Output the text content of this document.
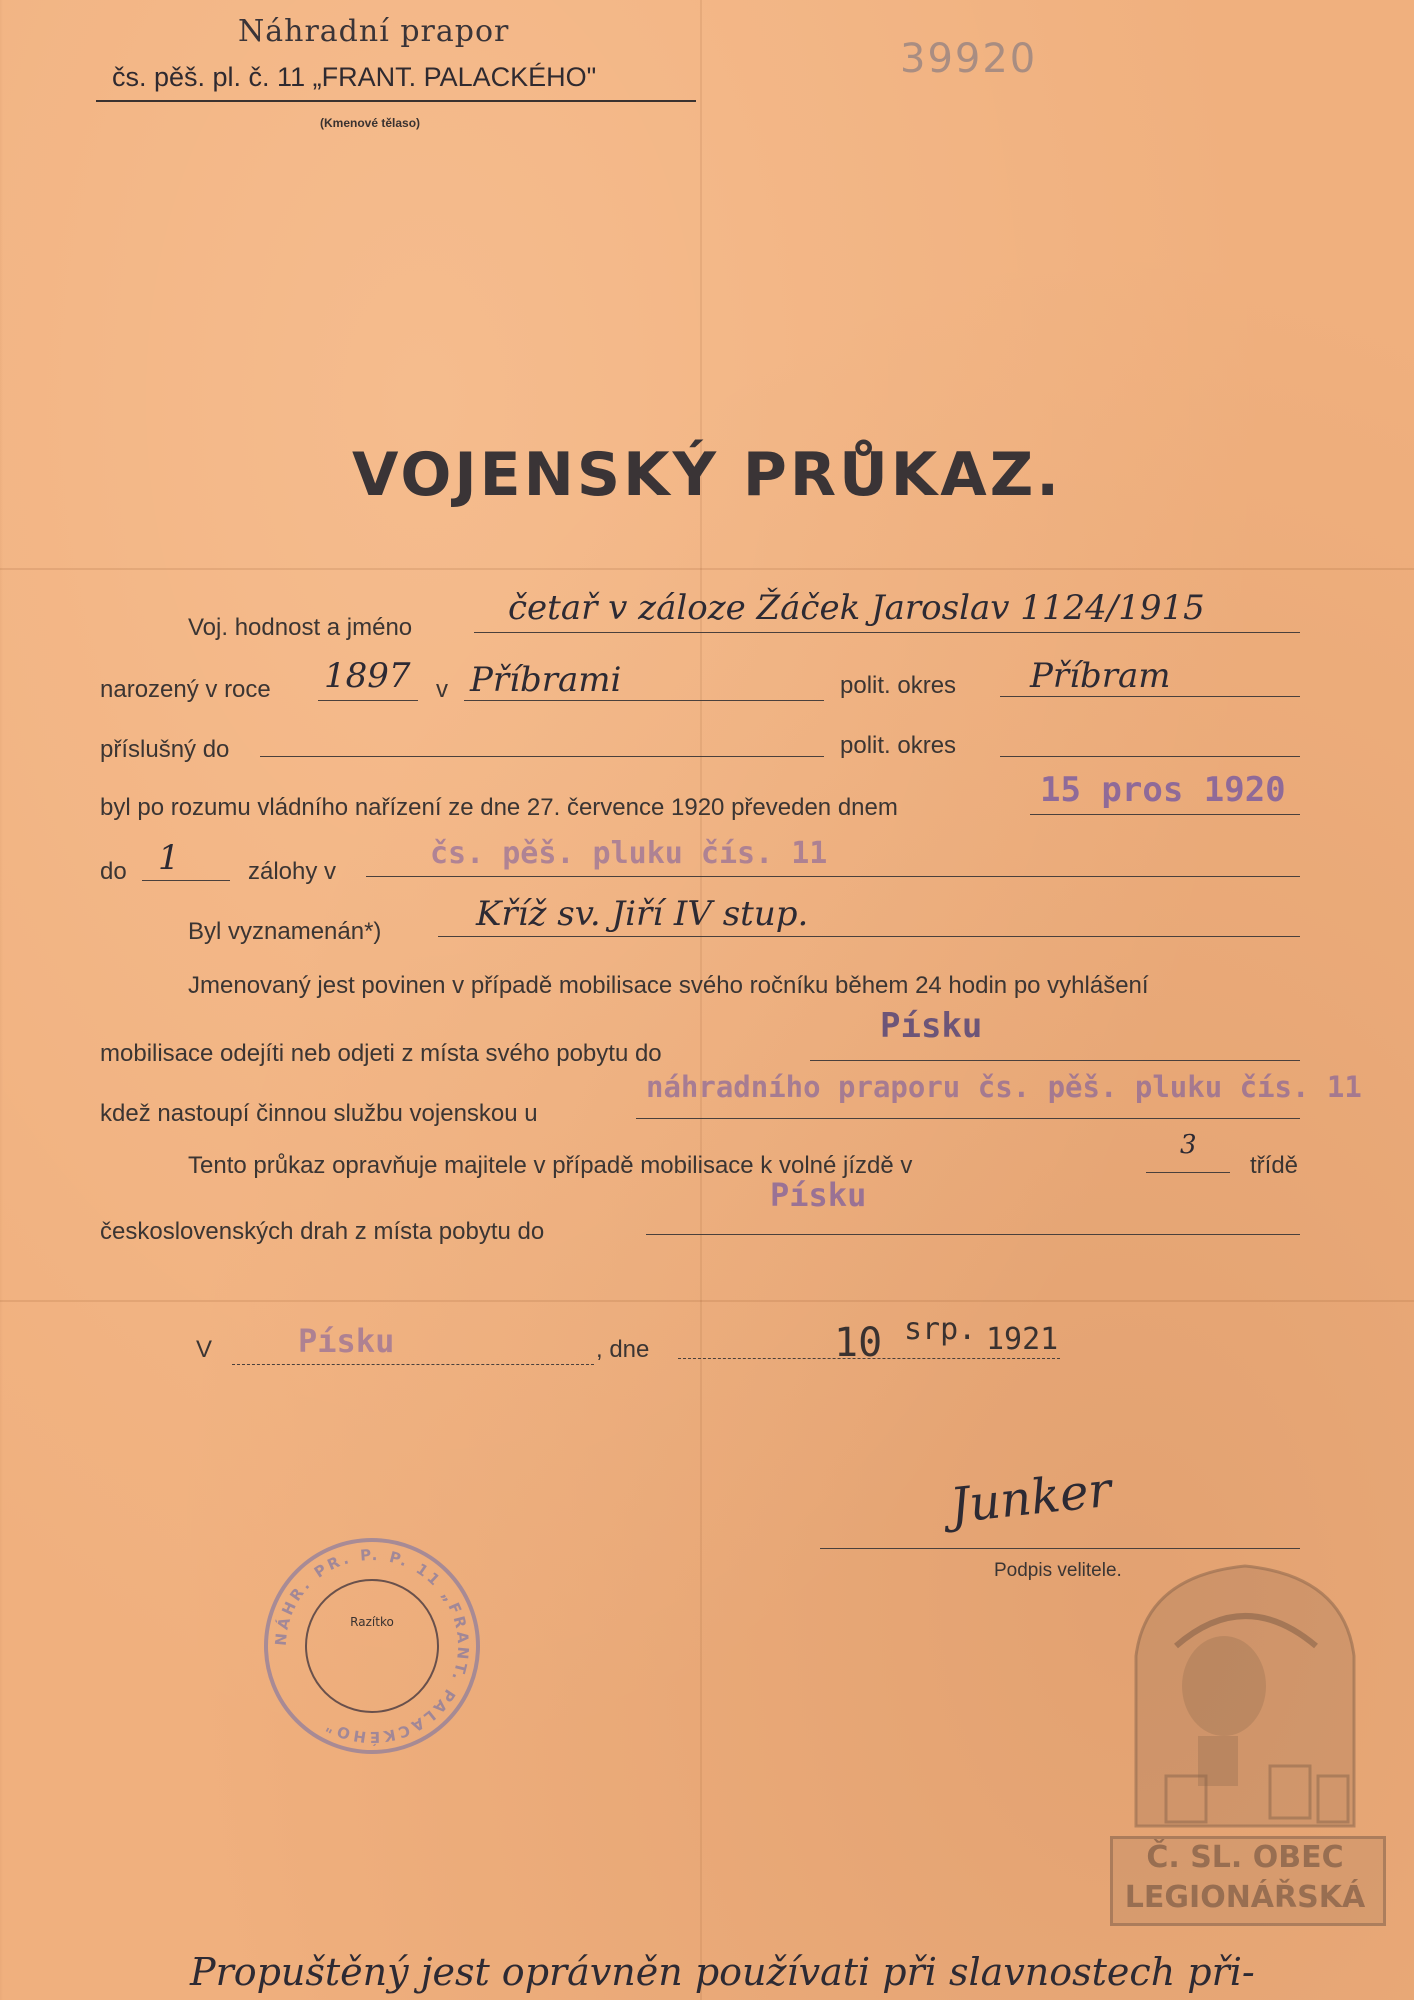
Náhradní prapor
čs. pěš. pl. č. 11 „FRANT. PALACKÉHO"
(Kmenové tělaso)
39920
VOJENSKÝ PRŮKAZ.
Voj. hodnost a jméno	četař v záloze Žáček Jaroslav 1124/1915
narozený v roce 1897 v Příbrami	polit. okres Příbram
příslušný do	polit. okres
byl po rozumu vládního nařízení ze dne 27. července 1920 převeden dnem	15 pros 1920
do 1	zálohy v
čs. pěš. pluku čís. 11
Byl vyznamenán*)	Kříž sv. Jiří IV stup.
Jmenovaný jest povinen v případě mobilisace svého ročníku během 24 hodin po vyhlášení
mobilisace odejíti neb odjeti z místa svého pobytu do
Písku
kdež nastoupí činnou službu vojenskou u
náhradního praporu čs. pěš. pluku čís. 11
Tento průkaz opravňuje majitele v případě mobilisace k volné jízdě v
3
třídě
Písku
československých drah z místa pobytu do
V	Písku	, dne	10 srp. 1921
Junker
Podpis velitele.
NÁHR. PR. P. P. 11 „FRANT. PALACKÉHO"
Razítko
Č. SL. OBEC
LEGIONÁŘSKÁ
Propuštěný jest oprávněn používati při slavnostech při-
